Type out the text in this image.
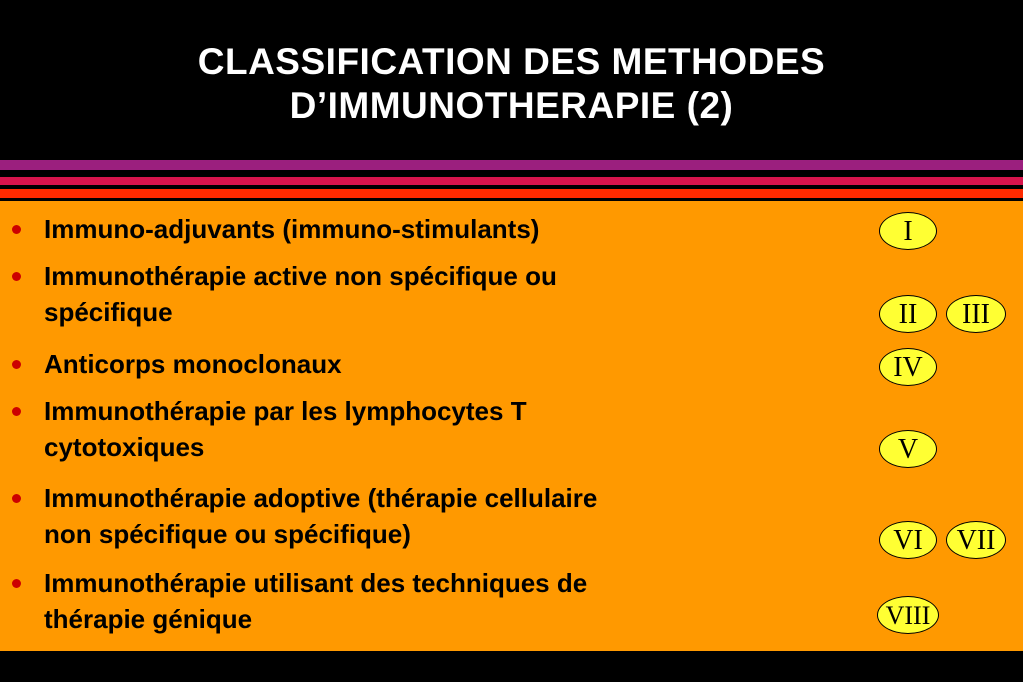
CLASSIFICATION DES METHODES
D’IMMUNOTHERAPIE (2)
Immuno-adjuvants (immuno-stimulants)
Immunothérapie active non spécifique ou
spécifique
Anticorps monoclonaux
Immunothérapie par les lymphocytes T
cytotoxiques
Immunothérapie adoptive (thérapie cellulaire
non spécifique ou spécifique)
Immunothérapie utilisant des techniques de
thérapie génique
I
II	III
IV
V
VI	VII
VIII
